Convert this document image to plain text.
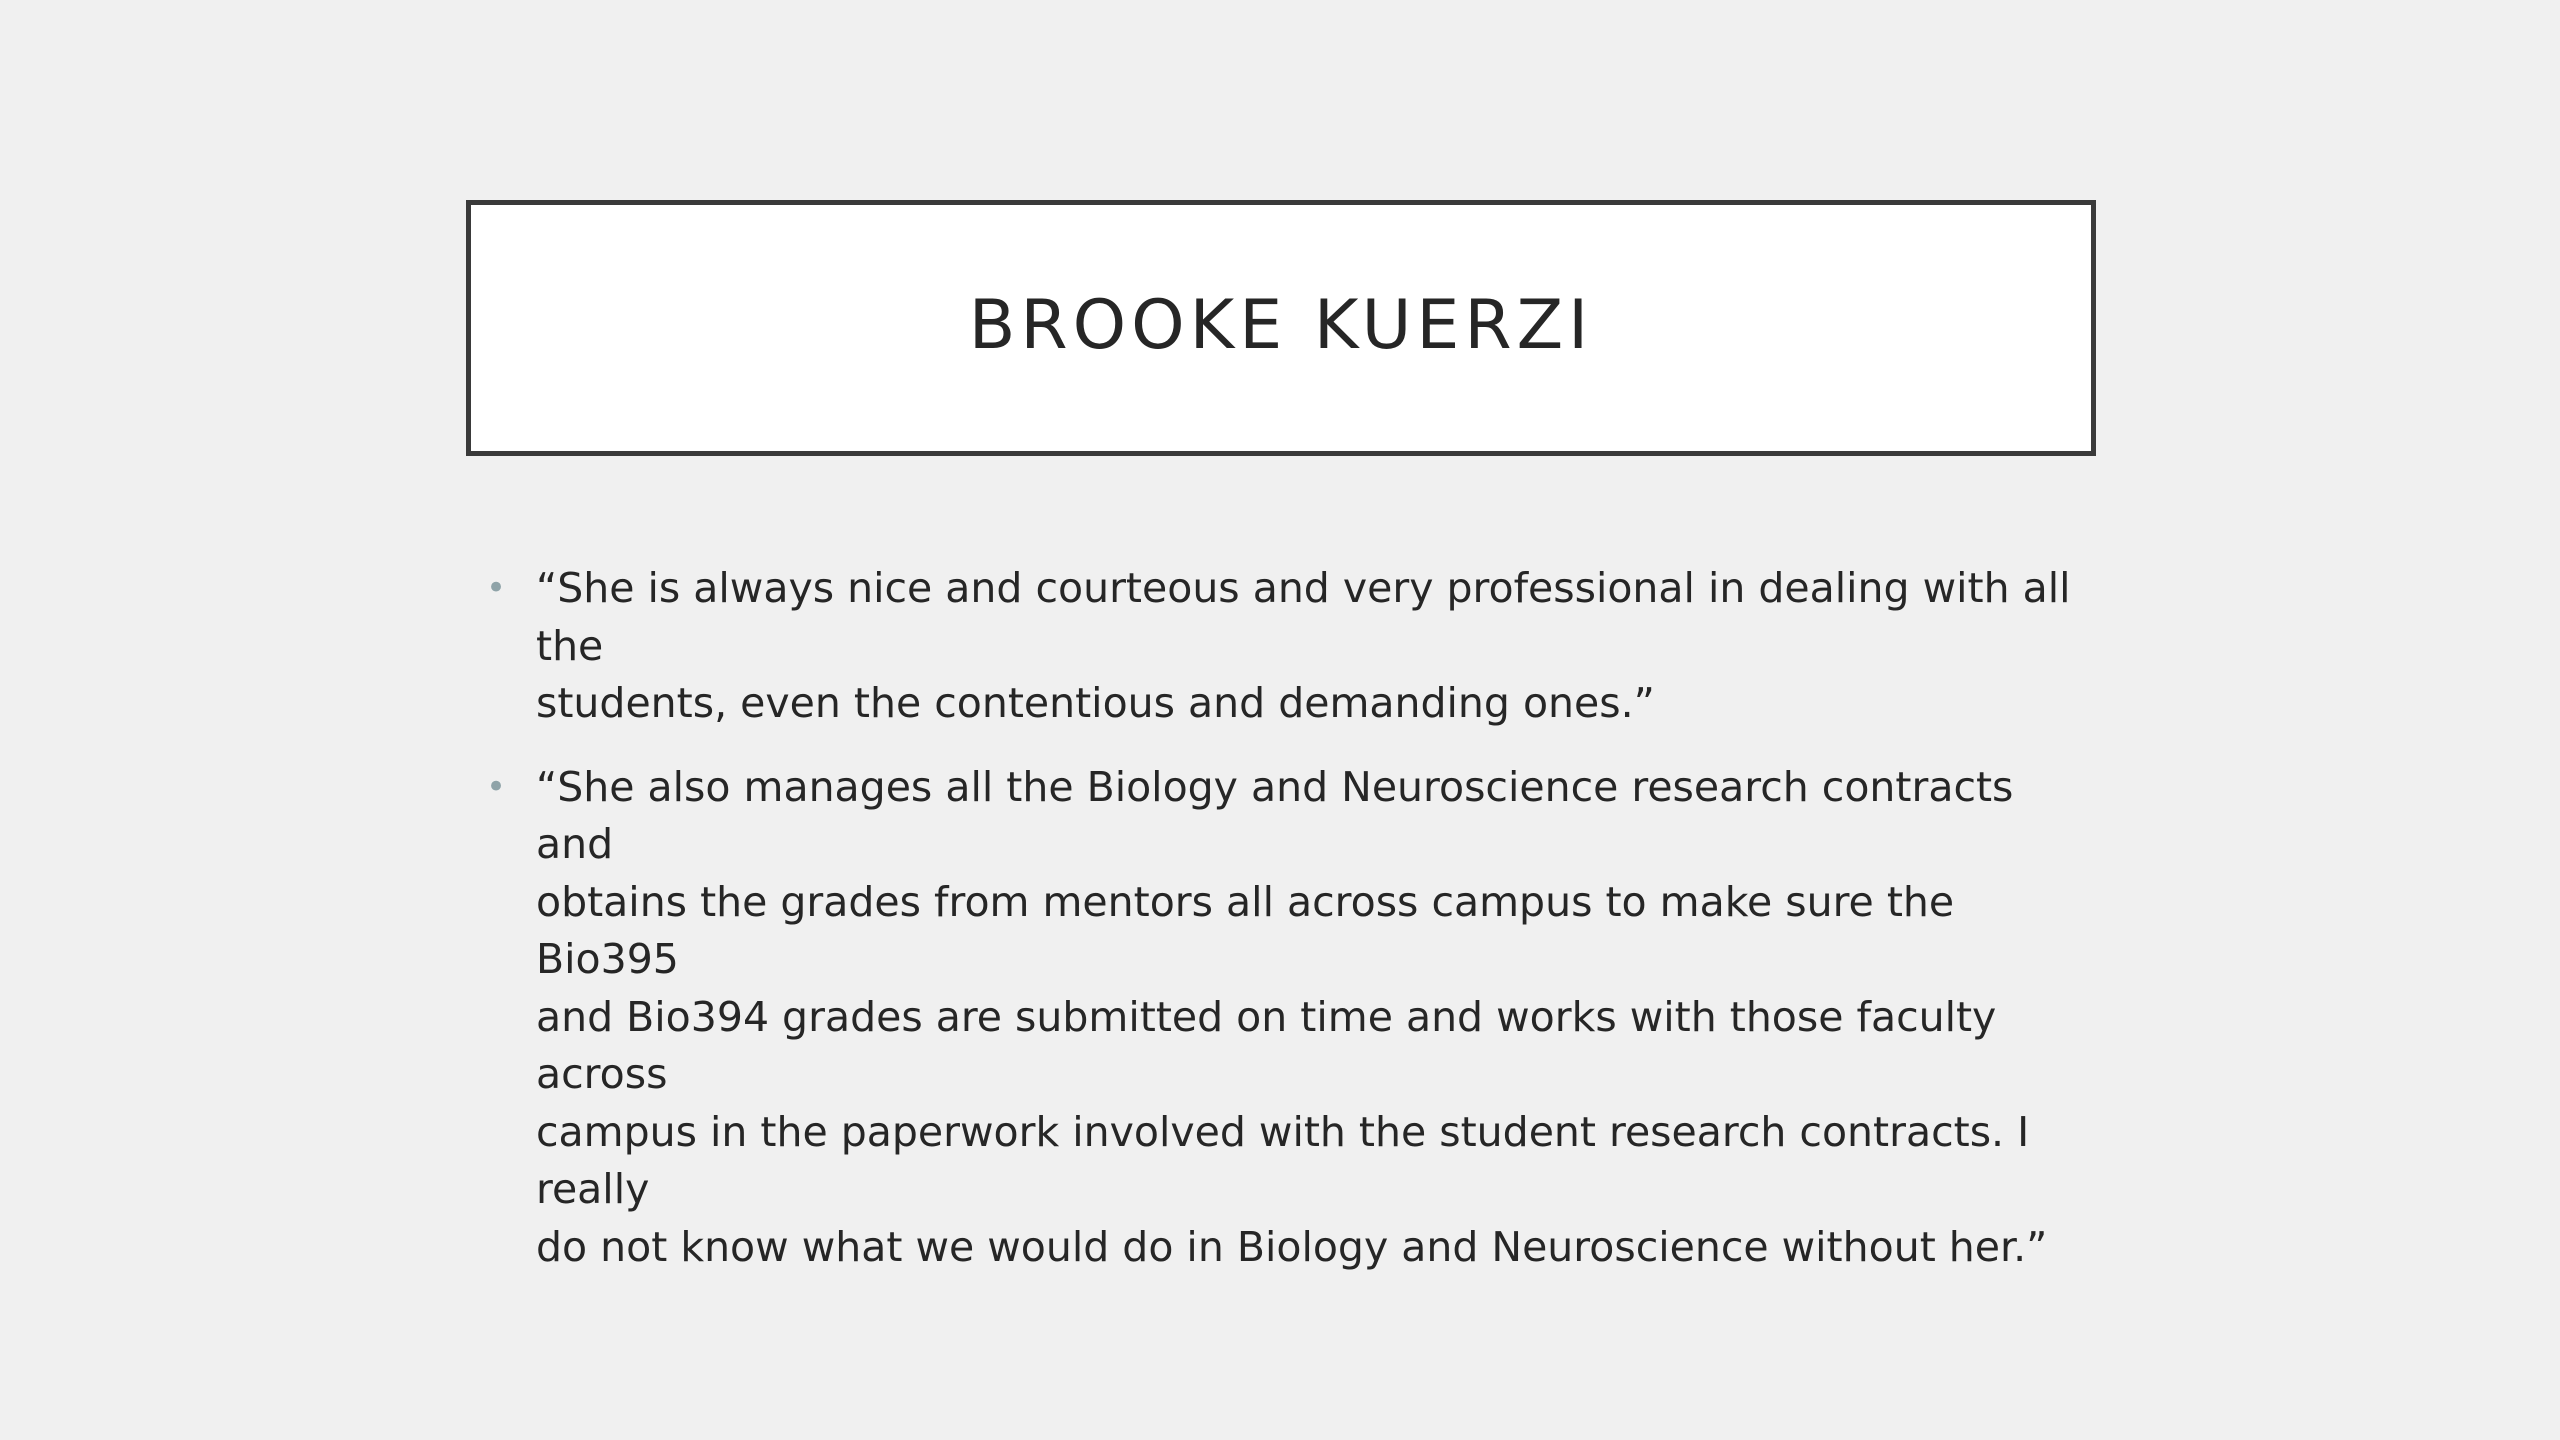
BROOKE KUERZI
• “She is always nice and courteous and very professional in dealing with all the
students, even the contentious and demanding ones.”
• “She also manages all the Biology and Neuroscience research contracts and
obtains the grades from mentors all across campus to make sure the Bio395
and Bio394 grades are submitted on time and works with those faculty across
campus in the paperwork involved with the student research contracts. I really
do not know what we would do in Biology and Neuroscience without her.”
